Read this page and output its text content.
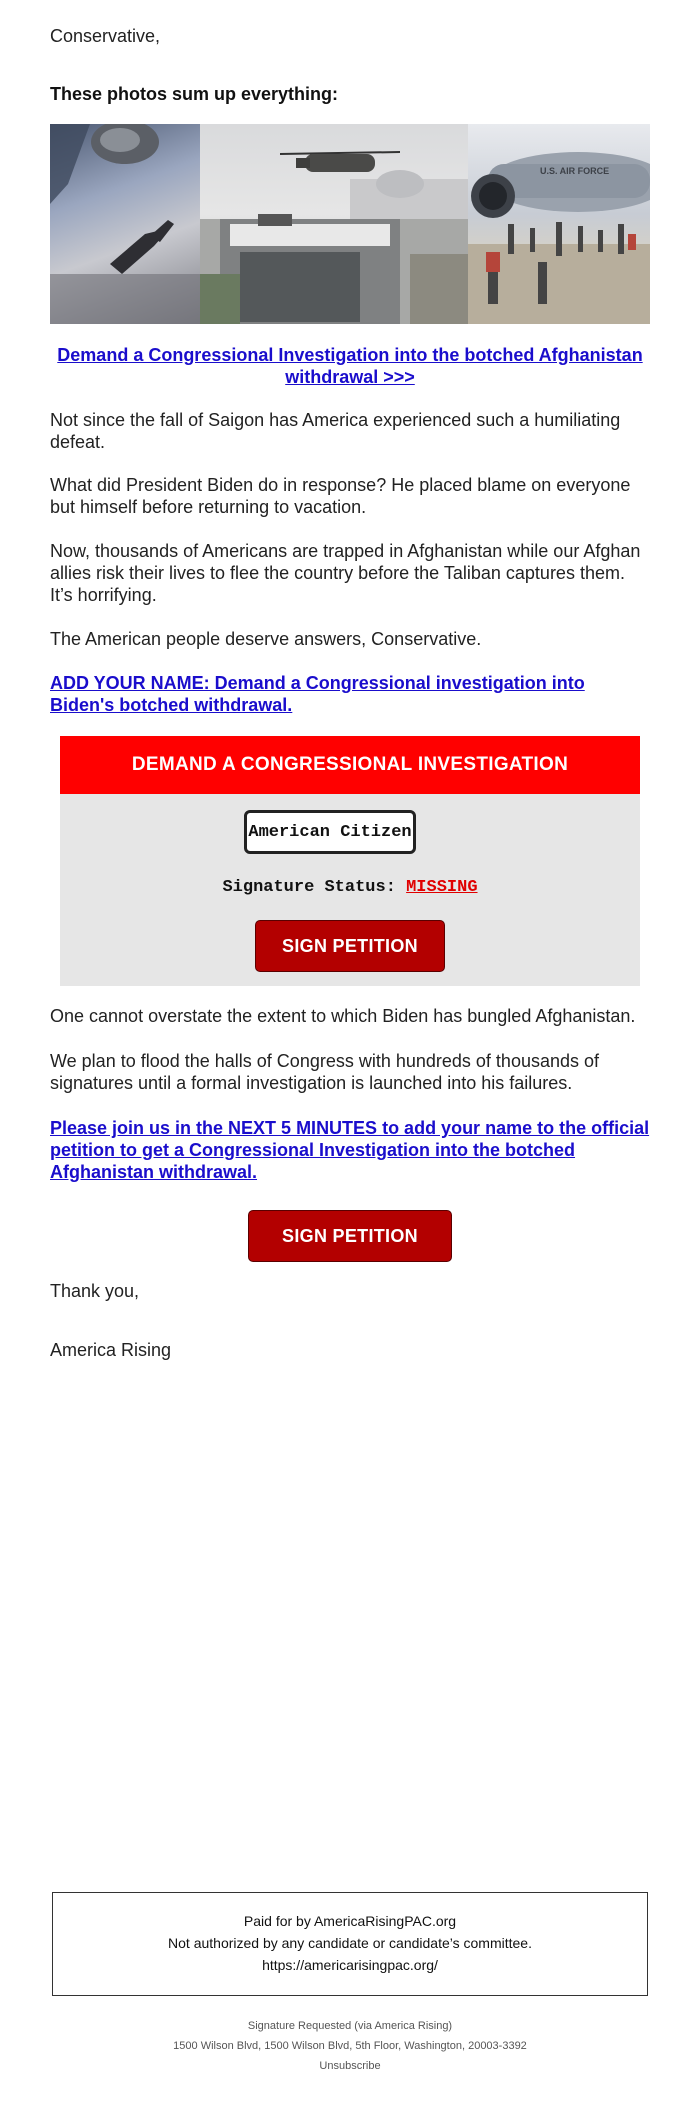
Conservative,

These photos sum up everything:
U.S. AIR FORCE
Demand a Congressional Investigation into the botched Afghanistan withdrawal >>>

Not since the fall of Saigon has America experienced such a humiliating defeat.

What did President Biden do in response? He placed blame on everyone but himself before returning to vacation.

Now, thousands of Americans are trapped in Afghanistan while our Afghan allies risk their lives to flee the country before the Taliban captures them. It’s horrifying.

The American people deserve answers, Conservative.

ADD YOUR NAME: Demand a Congressional investigation into Biden's botched withdrawal.
DEMAND A CONGRESSIONAL INVESTIGATION
American Citizen
Signature Status: MISSING
SIGN PETITION

One cannot overstate the extent to which Biden has bungled Afghanistan.

We plan to flood the halls of Congress with hundreds of thousands of signatures until a formal investigation is launched into his failures.

Please join us in the NEXT 5 MINUTES to add your name to the official petition to get a Congressional Investigation into the botched Afghanistan withdrawal.
SIGN PETITION

Thank you,

America Rising

Paid for by AmericaRisingPAC.org
Not authorized by any candidate or candidate’s committee.
https://americarisingpac.org/
Signature Requested (via America Rising)
1500 Wilson Blvd, 1500 Wilson Blvd, 5th Floor, Washington, 20003-3392
Unsubscribe
